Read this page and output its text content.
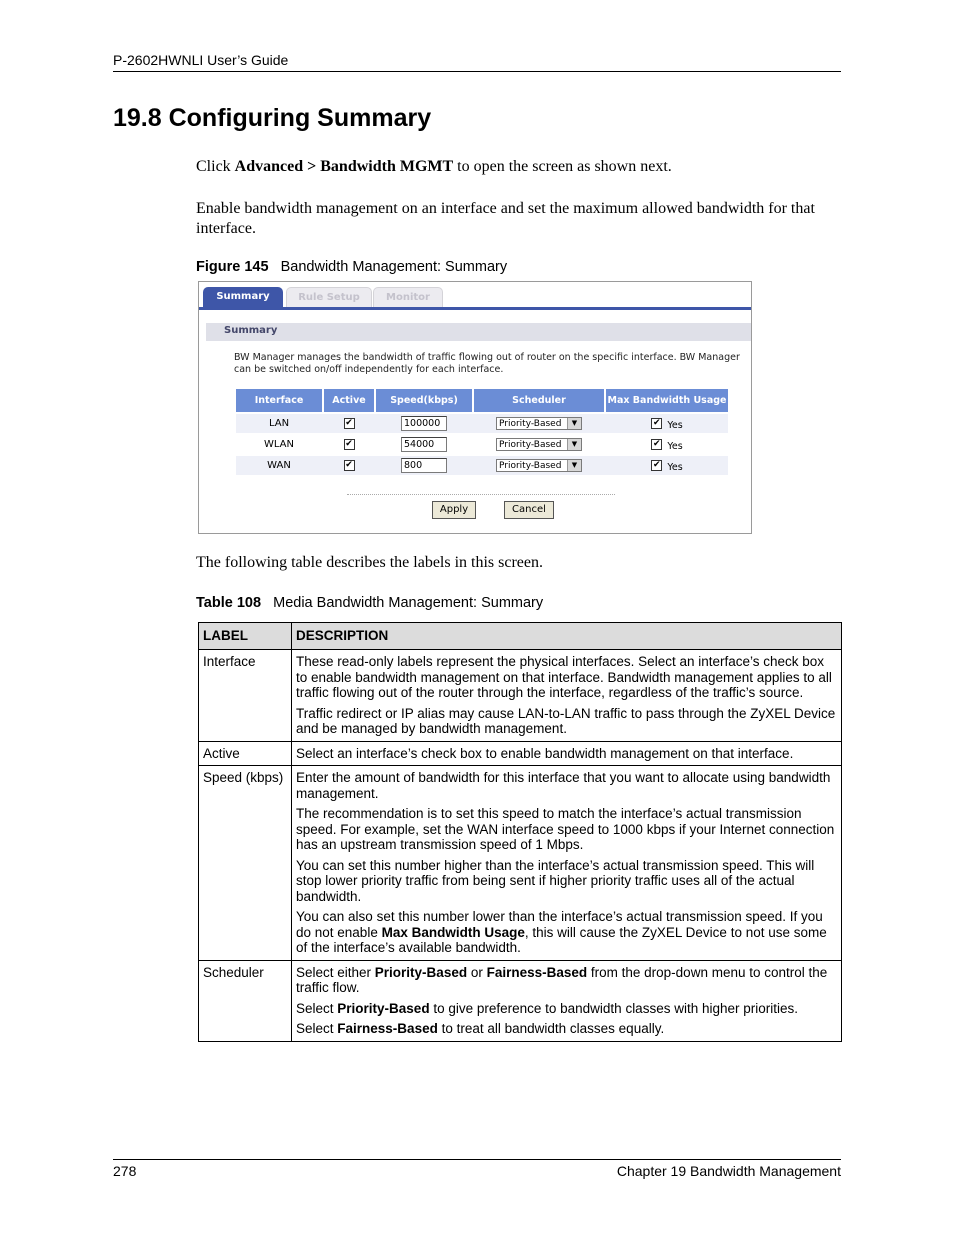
P-2602HWNLI User’s Guide
19.8 Configuring Summary
Click Advanced > Bandwidth MGMT to open the screen as shown next.
Enable bandwidth management on an interface and set the maximum allowed bandwidth for that interface.
Figure 145 Bandwidth Management: Summary
Summary	Rule Setup	Monitor
Summary
BW Manager manages the bandwidth of traffic flowing out of router on the specific interface. BW Manager can be switched on/off independently for each interface.
Interface	Active	Speed(kbps)	Scheduler	Max Bandwidth Usage
LAN	✔	100000	Priority-Based	▼	✔ Yes
WLAN	✔	54000	Priority-Based	▼	✔ Yes
WAN	✔	800	Priority-Based	▼	✔ Yes
Apply	Cancel
The following table describes the labels in this screen.
Table 108 Media Bandwidth Management: Summary
LABEL	DESCRIPTION
Interface	These read-only labels represent the physical interfaces. Select an interface’s check box to enable bandwidth management on that interface. Bandwidth management applies to all traffic flowing out of the router through the interface, regardless of the traffic’s source.

Traffic redirect or IP alias may cause LAN-to-LAN traffic to pass through the ZyXEL Device and be managed by bandwidth management.

Active	Select an interface’s check box to enable bandwidth management on that interface.

Speed (kbps)	Enter the amount of bandwidth for this interface that you want to allocate using bandwidth management.

The recommendation is to set this speed to match the interface’s actual transmission speed. For example, set the WAN interface speed to 1000 kbps if your Internet connection has an upstream transmission speed of 1 Mbps.

You can set this number higher than the interface’s actual transmission speed. This will stop lower priority traffic from being sent if higher priority traffic uses all of the actual bandwidth.

You can also set this number lower than the interface’s actual transmission speed. If you do not enable Max Bandwidth Usage, this will cause the ZyXEL Device to not use some of the interface’s available bandwidth.

Scheduler	Select either Priority-Based or Fairness-Based from the drop-down menu to control the traffic flow.

Select Priority-Based to give preference to bandwidth classes with higher priorities.

Select Fairness-Based to treat all bandwidth classes equally.

278	Chapter 19 Bandwidth Management
